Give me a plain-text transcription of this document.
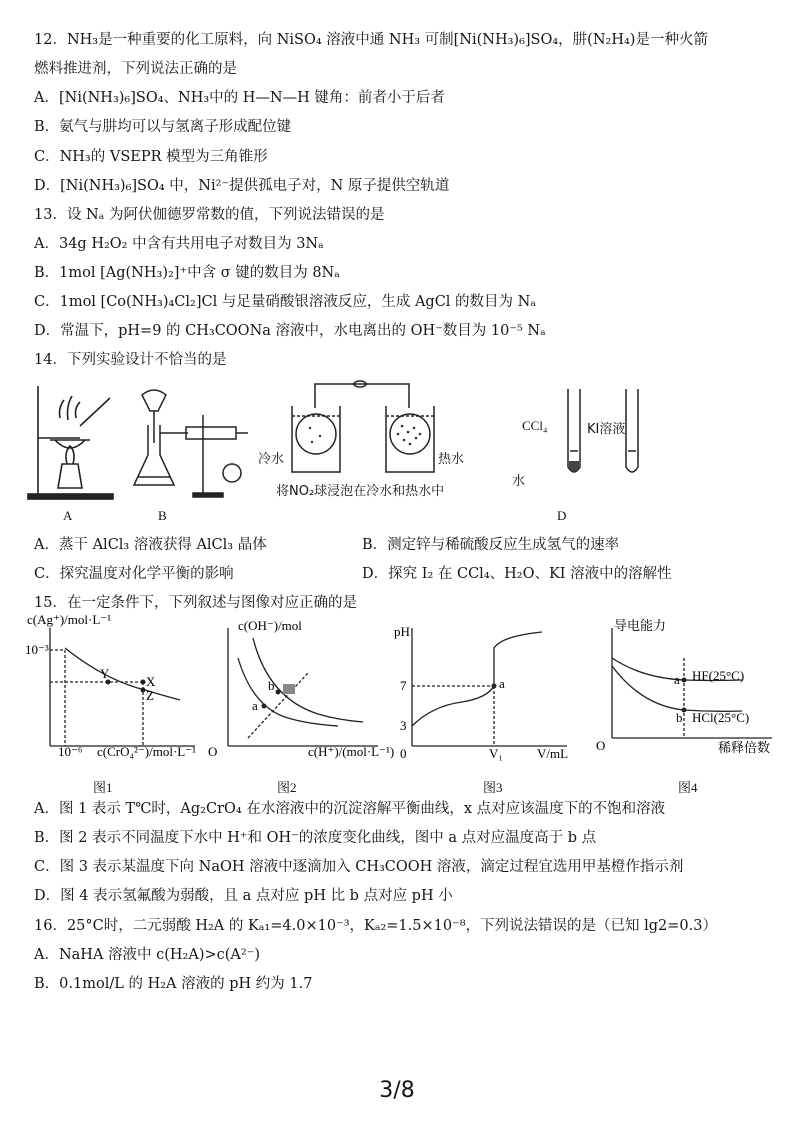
12．NH₃是一种重要的化工原料，向 NiSO₄ 溶液中通 NH₃ 可制[Ni(NH₃)₆]SO₄，肼(N₂H₄)是一种火箭
燃料推进剂，下列说法正确的是
A．[Ni(NH₃)₆]SO₄、NH₃中的 H—N—H 键角：前者小于后者
B．氨气与肼均可以与氢离子形成配位键
C．NH₃的 VSEPR 模型为三角锥形
D．[Ni(NH₃)₆]SO₄ 中，Ni²⁻提供孤电子对，N 原子提供空轨道
13．设 Nₐ 为阿伏伽德罗常数的值，下列说法错误的是
A．34g H₂O₂ 中含有共用电子对数目为 3Nₐ
B．1mol [Ag(NH₃)₂]⁺中含 σ 键的数目为 8Nₐ
C．1mol [Co(NH₃)₄Cl₂]Cl 与足量硝酸银溶液反应，生成 AgCl 的数目为 Nₐ
D．常温下，pH=9 的 CH₃COONa 溶液中，水电离出的 OH⁻数目为 10⁻⁵ Nₐ
14．下列实验设计不恰当的是
A	B
冷水	热水
将NO₂球浸泡在冷水和热水中
CCl₄	KI溶液
水
D
A．蒸干 AlCl₃ 溶液获得 AlCl₃ 晶体	B．测定锌与稀硫酸反应生成氢气的速率
C．探究温度对化学平衡的影响	D．探究 I₂ 在 CCl₄、H₂O、KI 溶液中的溶解性
15．在一定条件下，下列叙述与图像对应正确的是
c(Ag⁺)/mol·L⁻¹
10⁻³
10⁻⁶ c(CrO₄²⁻)/mol·L⁻¹
Y
X
Z
图1
c(OH⁻)/mol
O	c(H⁺)/(mol·L⁻¹)
a
b
图2
pH
7
3
0	V₁	V/mL
a
图3
导电能力
O	稀释倍数
HF(25°C)
HCl(25°C)
a
b
图4
A．图 1 表示 T℃时，Ag₂CrO₄ 在水溶液中的沉淀溶解平衡曲线，x 点对应该温度下的不饱和溶液
B．图 2 表示不同温度下水中 H⁺和 OH⁻的浓度变化曲线，图中 a 点对应温度高于 b 点
C．图 3 表示某温度下向 NaOH 溶液中逐滴加入 CH₃COOH 溶液，滴定过程宜选用甲基橙作指示剂
D．图 4 表示氢氟酸为弱酸，且 a 点对应 pH 比 b 点对应 pH 小
16．25°C时，二元弱酸 H₂A 的 Kₐ₁=4.0×10⁻³，Kₐ₂=1.5×10⁻⁸，下列说法错误的是（已知 lg2=0.3）
A．NaHA 溶液中 c(H₂A)>c(A²⁻)
B．0.1mol/L 的 H₂A 溶液的 pH 约为 1.7
3/8
